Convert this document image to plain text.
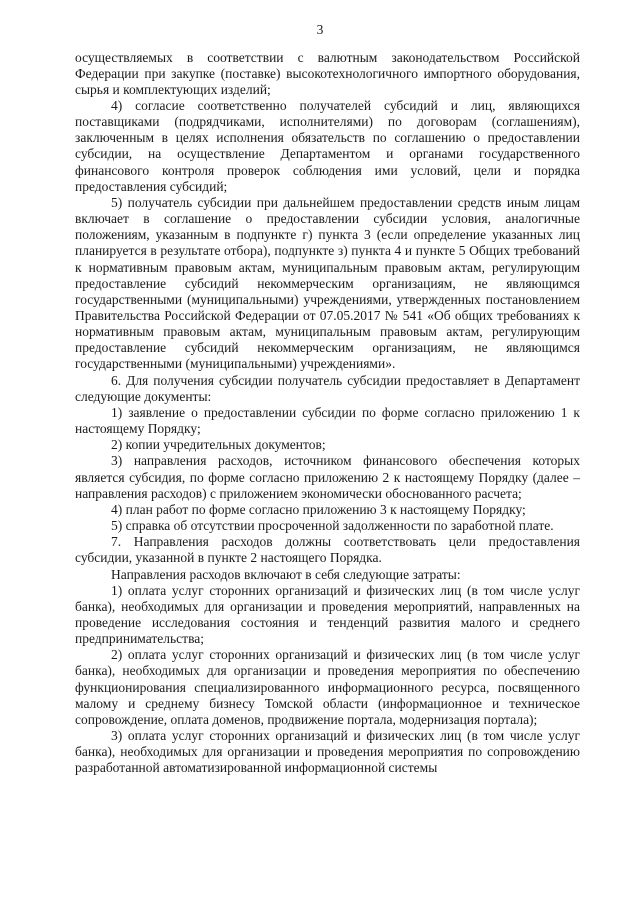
3

осуществляемых в соответствии с валютным законодательством Российской Федерации при закупке (поставке) высокотехнологичного импортного оборудования, сырья и комплектующих изделий;

4) согласие соответственно получателей субсидий и лиц, являющихся поставщиками (подрядчиками, исполнителями) по договорам (соглашениям), заключенным в целях исполнения обязательств по соглашению о предоставлении субсидии, на осуществление Департаментом и органами государственного финансового контроля проверок соблюдения ими условий, цели и порядка предоставления субсидий;

5) получатель субсидии при дальнейшем предоставлении средств иным лицам включает в соглашение о предоставлении субсидии условия, аналогичные положениям, указанным в подпункте г) пункта 3 (если определение указанных лиц планируется в результате отбора), подпункте з) пункта 4 и пункте 5 Общих требований к нормативным правовым актам, муниципальным правовым актам, регулирующим предоставление субсидий некоммерческим организациям, не являющимся государственными (муниципальными) учреждениями, утвержденных постановлением Правительства Российской Федерации от 07.05.2017 № 541 «Об общих требованиях к нормативным правовым актам, муниципальным правовым актам, регулирующим предоставление субсидий некоммерческим организациям, не являющимся государственными (муниципальными) учреждениями».

6. Для получения субсидии получатель субсидии предоставляет в Департамент следующие документы:

1) заявление о предоставлении субсидии по форме согласно приложению 1 к настоящему Порядку;

2) копии учредительных документов;

3) направления расходов, источником финансового обеспечения которых является субсидия, по форме согласно приложению 2 к настоящему Порядку (далее – направления расходов) с приложением экономически обоснованного расчета;

4) план работ по форме согласно приложению 3 к настоящему Порядку;

5) справка об отсутствии просроченной задолженности по заработной плате.

7. Направления расходов должны соответствовать цели предоставления субсидии, указанной в пункте 2 настоящего Порядка.

Направления расходов включают в себя следующие затраты:

1) оплата услуг сторонних организаций и физических лиц (в том числе услуг банка), необходимых для организации и проведения мероприятий, направленных на проведение исследования состояния и тенденций развития малого и среднего предпринимательства;

2) оплата услуг сторонних организаций и физических лиц (в том числе услуг банка), необходимых для организации и проведения мероприятия по обеспечению функционирования специализированного информационного ресурса, посвященного малому и среднему бизнесу Томской области (информационное и техническое сопровождение, оплата доменов, продвижение портала, модернизация портала);

3) оплата услуг сторонних организаций и физических лиц (в том числе услуг банка), необходимых для организации и проведения мероприятия по сопровождению разработанной автоматизированной информационной системы
